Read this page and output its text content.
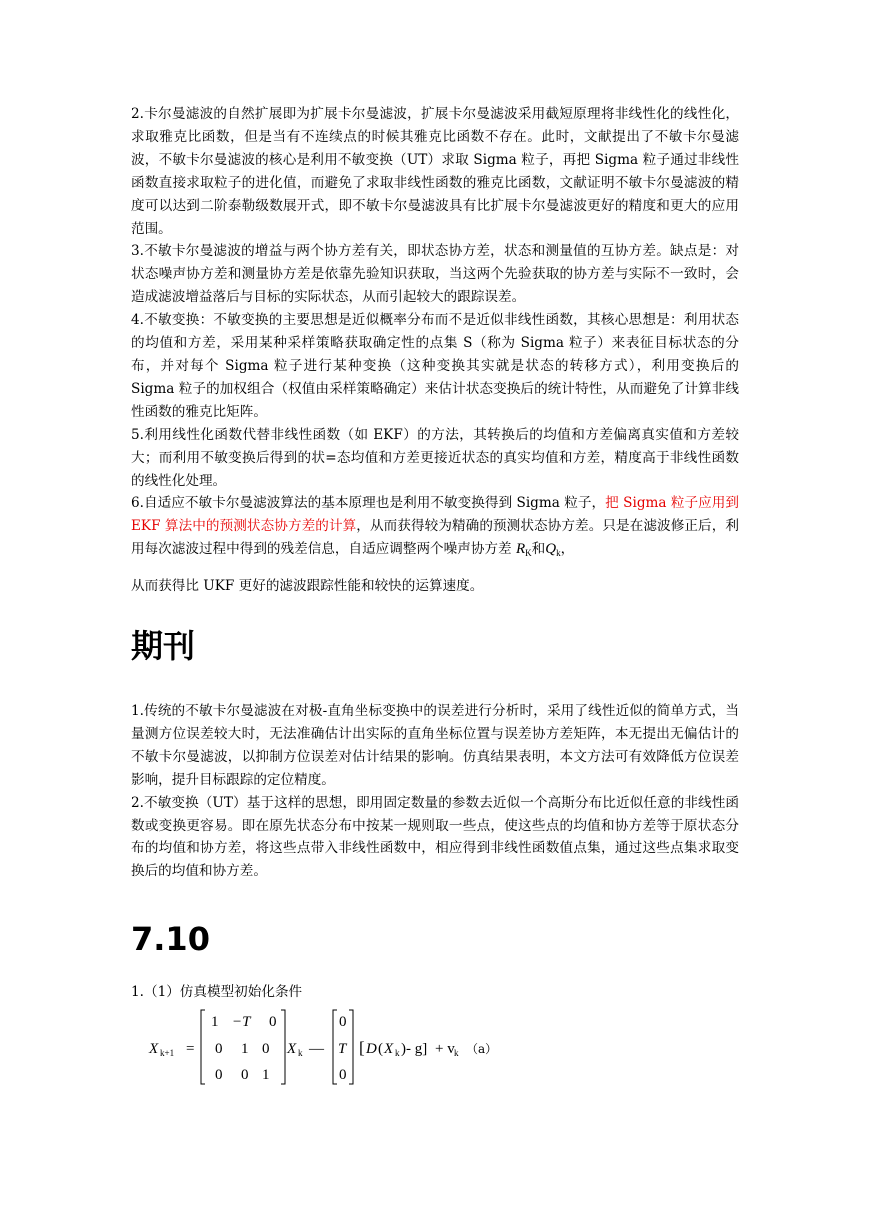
2.卡尔曼滤波的自然扩展即为扩展卡尔曼滤波，扩展卡尔曼滤波采用截短原理将非线性化的线性化，求取雅克比函数，但是当有不连续点的时候其雅克比函数不存在。此时，文献提出了不敏卡尔曼滤波，不敏卡尔曼滤波的核心是利用不敏变换（UT）求取 Sigma 粒子，再把 Sigma 粒子通过非线性函数直接求取粒子的进化值，而避免了求取非线性函数的雅克比函数，文献证明不敏卡尔曼滤波的精度可以达到二阶泰勒级数展开式，即不敏卡尔曼滤波具有比扩展卡尔曼滤波更好的精度和更大的应用范围。

3.不敏卡尔曼滤波的增益与两个协方差有关，即状态协方差，状态和测量值的互协方差。缺点是：对状态噪声协方差和测量协方差是依靠先验知识获取，当这两个先验获取的协方差与实际不一致时，会造成滤波增益落后与目标的实际状态，从而引起较大的跟踪误差。

4.不敏变换：不敏变换的主要思想是近似概率分布而不是近似非线性函数，其核心思想是：利用状态的均值和方差，采用某种采样策略获取确定性的点集 S（称为 Sigma 粒子）来表征目标状态的分布，并对每个 Sigma 粒子进行某种变换（这种变换其实就是状态的转移方式），利用变换后的 Sigma 粒子的加权组合（权值由采样策略确定）来估计状态变换后的统计特性，从而避免了计算非线性函数的雅克比矩阵。

5.利用线性化函数代替非线性函数（如 EKF）的方法，其转换后的均值和方差偏离真实值和方差较大；而利用不敏变换后得到的状=态均值和方差更接近状态的真实均值和方差，精度高于非线性函数的线性化处理。

6.自适应不敏卡尔曼滤波算法的基本原理也是利用不敏变换得到 Sigma 粒子，把 Sigma 粒子应用到 EKF 算法中的预测状态协方差的计算，从而获得较为精确的预测状态协方差。只是在滤波修正后，利用每次滤波过程中得到的残差信息，自适应调整两个噪声协方差 $R_K$和$Q_k$，

从而获得比 UKF 更好的滤波跟踪性能和较快的运算速度。

期刊

1.传统的不敏卡尔曼滤波在对极-直角坐标变换中的误差进行分析时，采用了线性近似的简单方式，当量测方位误差较大时，无法准确估计出实际的直角坐标位置与误差协方差矩阵，本无提出无偏估计的不敏卡尔曼滤波，以抑制方位误差对估计结果的影响。仿真结果表明，本文方法可有效降低方位误差影响，提升目标跟踪的定位精度。

2.不敏变换（UT）基于这样的思想，即用固定数量的参数去近似一个高斯分布比近似任意的非线性函数或变换更容易。即在原先状态分布中按某一规则取一些点，使这些点的均值和协方差等于原状态分布的均值和协方差，将这些点带入非线性函数中，相应得到非线性函数值点集，通过这些点集求取变换后的均值和协方差。

7.10

1.（1）仿真模型初始化条件

X k+1 =
1 −T 0
0 1 0
0 0 1
X k —
0
T
0
[ D ( X k )- g] + v k （a）
